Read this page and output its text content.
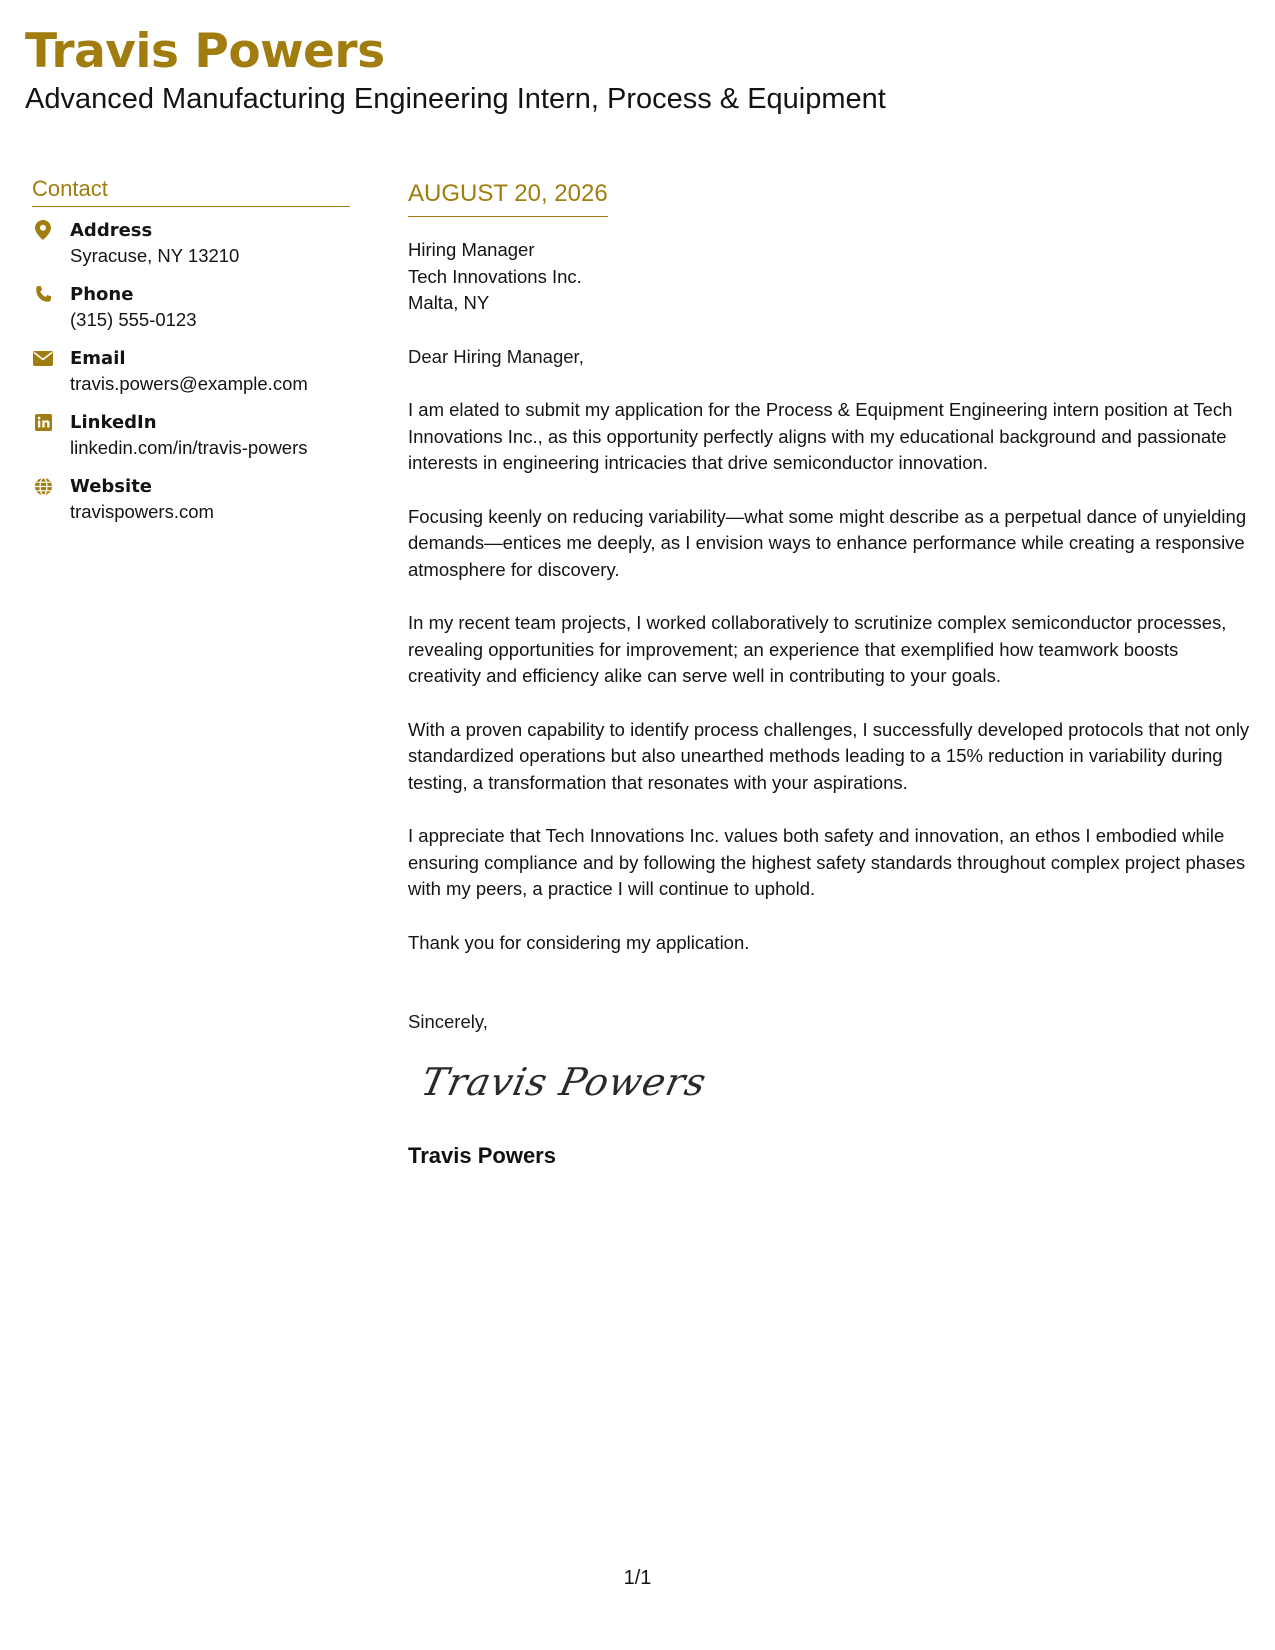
Travis Powers
Advanced Manufacturing Engineering Intern, Process & Equipment
Contact
Address
Syracuse, NY 13210
Phone
(315) 555-0123
Email
travis.powers@example.com
LinkedIn
linkedin.com/in/travis-powers
Website
travispowers.com
AUGUST 20, 2026
Hiring Manager
Tech Innovations Inc.
Malta, NY
Dear Hiring Manager,
I am elated to submit my application for the Process & Equipment Engineering intern position at Tech Innovations Inc., as this opportunity perfectly aligns with my educational background and passionate interests in engineering intricacies that drive semiconductor innovation.
Focusing keenly on reducing variability—what some might describe as a perpetual dance of unyielding demands—entices me deeply, as I envision ways to enhance performance while creating a responsive atmosphere for discovery.
In my recent team projects, I worked collaboratively to scrutinize complex semiconductor processes, revealing opportunities for improvement; an experience that exemplified how teamwork boosts creativity and efficiency alike can serve well in contributing to your goals.
With a proven capability to identify process challenges, I successfully developed protocols that not only standardized operations but also unearthed methods leading to a 15% reduction in variability during testing, a transformation that resonates with your aspirations.
I appreciate that Tech Innovations Inc. values both safety and innovation, an ethos I embodied while ensuring compliance and by following the highest safety standards throughout complex project phases with my peers, a practice I will continue to uphold.
Thank you for considering my application.
Sincerely,
Travis Powers
Travis Powers
1/1
